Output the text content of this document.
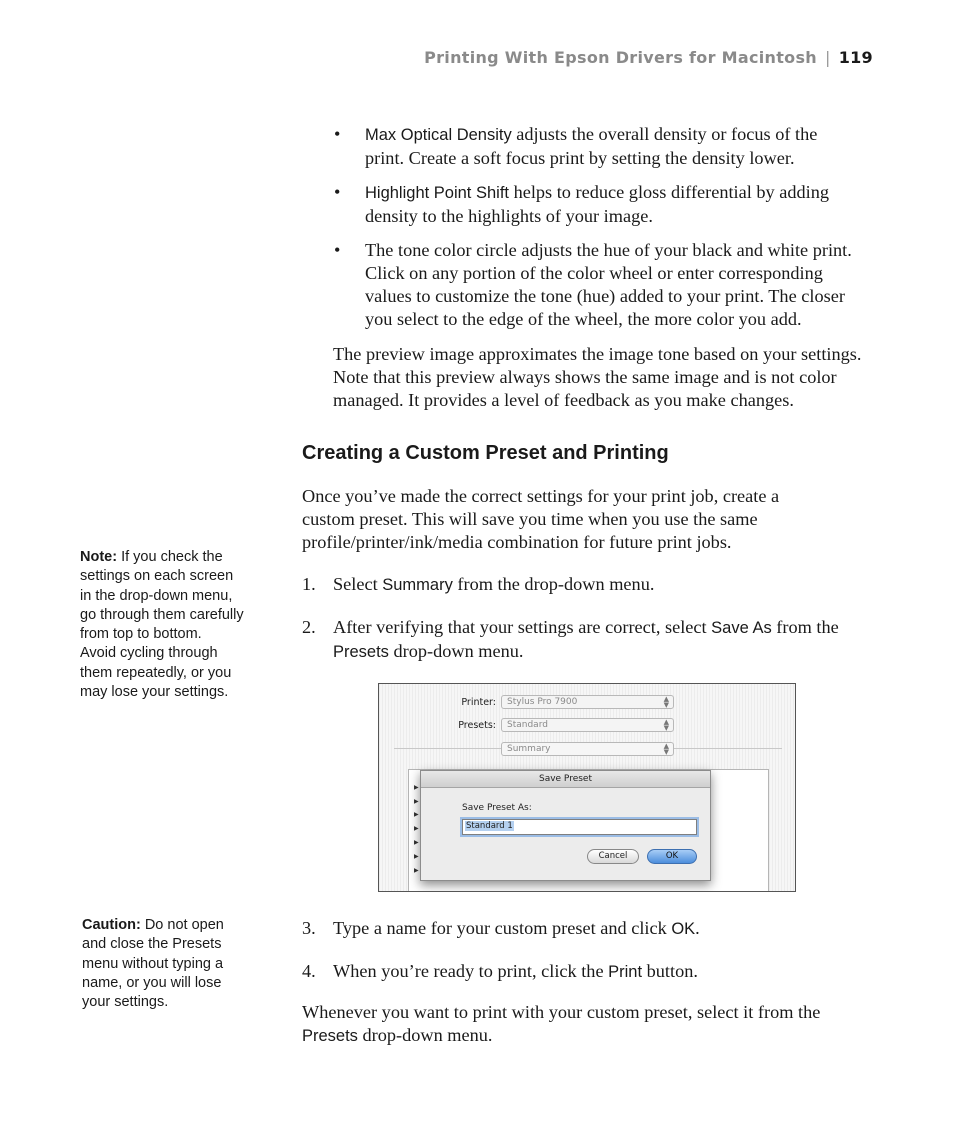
Printing With Epson Drivers for Macintosh | 119
• Max Optical Density adjusts the overall density or focus of the
print. Create a soft focus print by setting the density lower.
• Highlight Point Shift helps to reduce gloss differential by adding
density to the highlights of your image.
• The tone color circle adjusts the hue of your black and white print.
Click on any portion of the color wheel or enter corresponding
values to customize the tone (hue) added to your print. The closer
you select to the edge of the wheel, the more color you add.
The preview image approximates the image tone based on your settings.
Note that this preview always shows the same image and is not color
managed. It provides a level of feedback as you make changes.
Creating a Custom Preset and Printing
Once you’ve made the correct settings for your print job, create a
custom preset. This will save you time when you use the same
profile/printer/ink/media combination for future print jobs.
1. Select Summary from the drop-down menu.
2. After verifying that your settings are correct, select Save As from the
Presets drop-down menu.
3. Type a name for your custom preset and click OK.
4. When you’re ready to print, click the Print button.
Whenever you want to print with your custom preset, select it from the
Presets drop-down menu.
Note: If you check the
settings on each screen
in the drop-down menu,
go through them carefully
from top to bottom.
Avoid cycling through
them repeatedly, or you
may lose your settings.
Caution: Do not open
and close the Presets
menu without typing a
name, or you will lose
your settings.
Printer:	Stylus Pro 7900	▲
▼
Presets:	Standard	▲
▼
Summary	▲
▼
▶
▶
▶
▶
▶
▶
▶
Save Preset
Save Preset As:
Standard 1
Cancel	OK
